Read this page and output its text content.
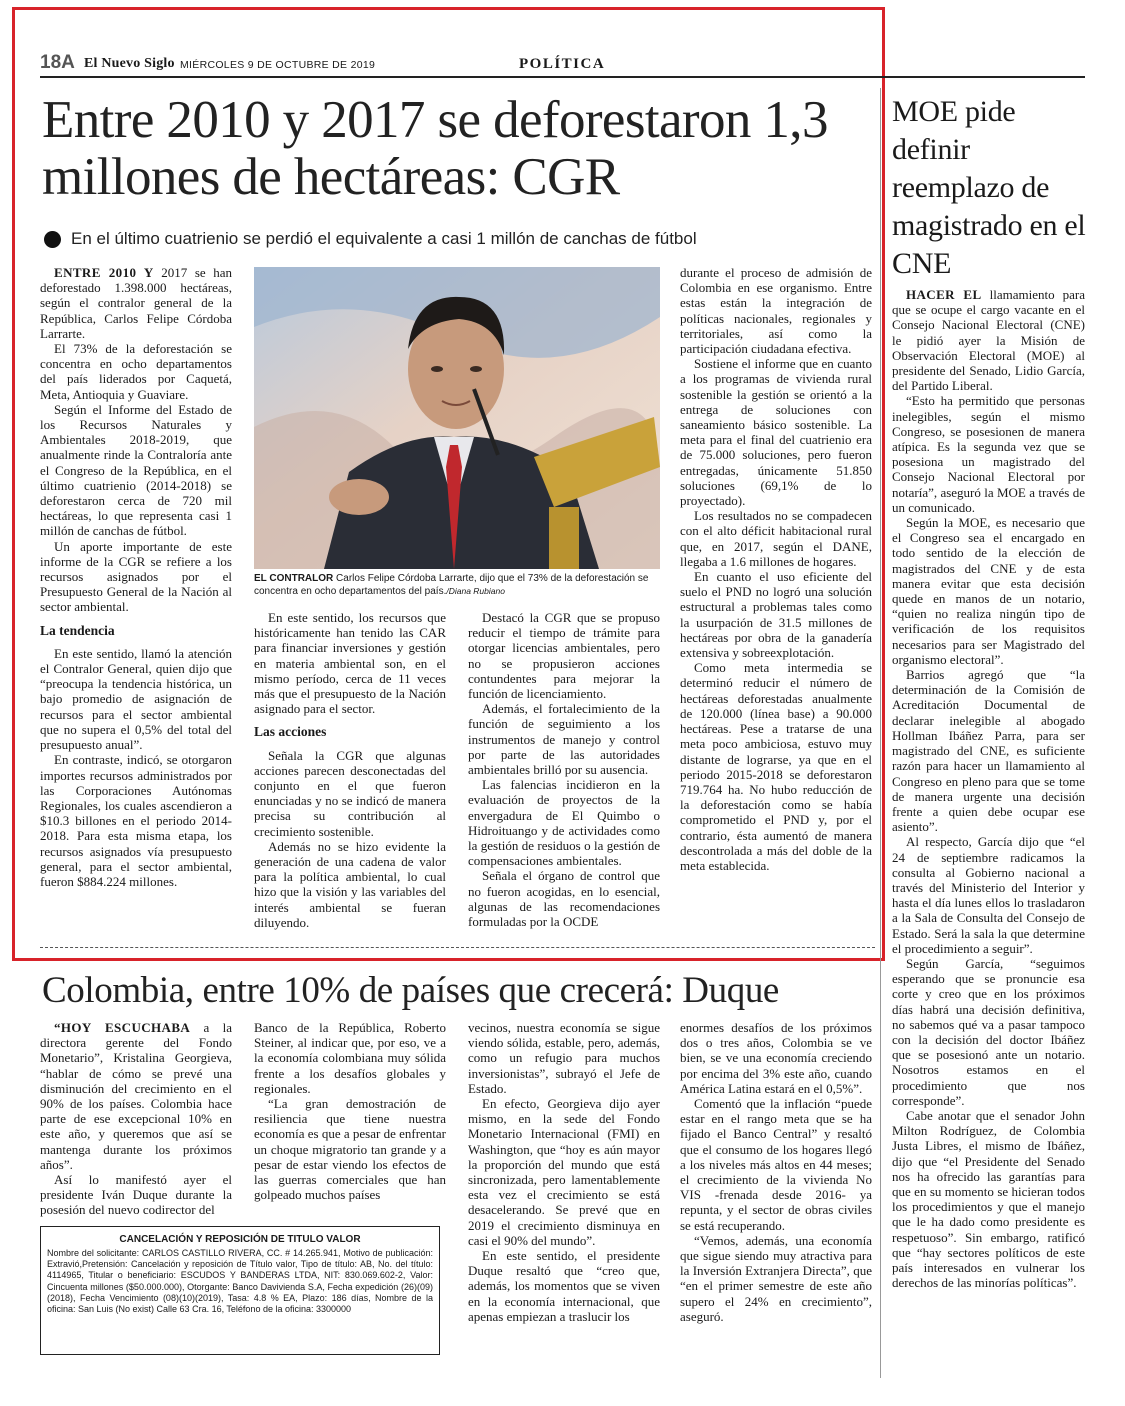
18A El Nuevo Siglo MIÉRCOLES 9 DE OCTUBRE DE 2019	POLÍTICA
Entre 2010 y 2017 se deforestaron 1,3 millones de hectáreas: CGR
En el último cuatrienio se perdió el equivalente a casi 1 millón de canchas de fútbol

ENTRE 2010 Y 2017 se han deforestado 1.398.000 hectáreas, según el contralor general de la República, Carlos Felipe Córdoba Larrarte.

El 73% de la deforestación se concentra en ocho departamentos del país liderados por Caquetá, Meta, Antioquia y Guaviare.

Según el Informe del Estado de los Recursos Naturales y Ambientales 2018-2019, que anualmente rinde la Contraloría ante el Congreso de la República, en el último cuatrienio (2014-2018) se deforestaron cerca de 720 mil hectáreas, lo que representa casi 1 millón de canchas de fútbol.

Un aporte importante de este informe de la CGR se refiere a los recursos asignados por el Presupuesto General de la Nación al sector ambiental.

La tendencia

En este sentido, llamó la atención el Contralor General, quien dijo que “preocupa la tendencia histórica, un bajo promedio de asignación de recursos para el sector ambiental que no supera el 0,5% del total del presupuesto anual”.

En contraste, indicó, se otorgaron importes recursos administrados por las Corporaciones Autónomas Regionales, los cuales ascendieron a $10.3 billones en el periodo 2014-2018. Para esta misma etapa, los recursos asignados vía presupuesto general, para el sector ambiental, fueron $884.224 millones.

EL CONTRALOR Carlos Felipe Córdoba Larrarte, dijo que el 73% de la deforestación se concentra en ocho departamentos del país./Diana Rubiano

En este sentido, los recursos que históricamente han tenido las CAR para financiar inversiones y gestión en materia ambiental son, en el mismo período, cerca de 11 veces más que el presupuesto de la Nación asignado para el sector.

Las acciones

Señala la CGR que algunas acciones parecen desconectadas del conjunto en el que fueron enunciadas y no se indicó de manera precisa su contribución al crecimiento sostenible.

Además no se hizo evidente la generación de una cadena de valor para la política ambiental, lo cual hizo que la visión y las variables del interés ambiental se fueran diluyendo.

Destacó la CGR que se propuso reducir el tiempo de trámite para otorgar licencias ambientales, pero no se propusieron acciones contundentes para mejorar la función de licenciamiento.

Además, el fortalecimiento de la función de seguimiento a los instrumentos de manejo y control por parte de las autoridades ambientales brilló por su ausencia.

Las falencias incidieron en la evaluación de proyectos de la envergadura de El Quimbo o Hidroituango y de actividades como la gestión de residuos o la gestión de compensaciones ambientales.

Señala el órgano de control que no fueron acogidas, en lo esencial, algunas de las recomendaciones formuladas por la OCDE

durante el proceso de admisión de Colombia en ese organismo. Entre estas están la integración de políticas nacionales, regionales y territoriales, así como la participación ciudadana efectiva.

Sostiene el informe que en cuanto a los programas de vivienda rural sostenible la gestión se orientó a la entrega de soluciones con saneamiento básico sostenible. La meta para el final del cuatrienio era de 75.000 soluciones, pero fueron entregadas, únicamente 51.850 soluciones (69,1% de lo proyectado).

Los resultados no se compadecen con el alto déficit habitacional rural que, en 2017, según el DANE, llegaba a 1.6 millones de hogares.

En cuanto el uso eficiente del suelo el PND no logró una solución estructural a problemas tales como la usurpación de 31.5 millones de hectáreas por obra de la ganadería extensiva y sobreexplotación.

Como meta intermedia se determinó reducir el número de hectáreas deforestadas anualmente de 120.000 (línea base) a 90.000 hectáreas. Pese a tratarse de una meta poco ambiciosa, estuvo muy distante de lograrse, ya que en el periodo 2015-2018 se deforestaron 719.764 ha. No hubo reducción de la deforestación como se había comprometido el PND y, por el contrario, ésta aumentó de manera descontrolada a más del doble de la meta establecida.

MOE pide definir reemplazo de magistrado en el CNE

HACER EL llamamiento para que se ocupe el cargo vacante en el Consejo Nacional Electoral (CNE) le pidió ayer la Misión de Observación Electoral (MOE) al presidente del Senado, Lidio García, del Partido Liberal.

“Esto ha permitido que personas inelegibles, según el mismo Congreso, se posesionen de manera atípica. Es la segunda vez que se posesiona un magistrado del Consejo Nacional Electoral por notaría”, aseguró la MOE a través de un comunicado.

Según la MOE, es necesario que el Congreso sea el encargado en todo sentido de la elección de magistrados del CNE y de esta manera evitar que esta decisión quede en manos de un notario, “quien no realiza ningún tipo de verificación de los requisitos necesarios para ser Magistrado del organismo electoral”.

Barrios agregó que “la determinación de la Comisión de Acreditación Documental de declarar inelegible al abogado Hollman Ibáñez Parra, para ser magistrado del CNE, es suficiente razón para hacer un llamamiento al Congreso en pleno para que se tome de manera urgente una decisión frente a quien debe ocupar ese asiento”.

Al respecto, García dijo que “el 24 de septiembre radicamos la consulta al Gobierno nacional a través del Ministerio del Interior y hasta el día lunes ellos lo trasladaron a la Sala de Consulta del Consejo de Estado. Será la sala la que determine el procedimiento a seguir”.

Según García, “seguimos esperando que se pronuncie esa corte y creo que en los próximos días habrá una decisión definitiva, no sabemos qué va a pasar tampoco con la decisión del doctor Ibáñez que se posesionó ante un notario. Nosotros estamos en el procedimiento que nos corresponde”.

Cabe anotar que el senador John Milton Rodríguez, de Colombia Justa Libres, el mismo de Ibáñez, dijo que “el Presidente del Senado nos ha ofrecido las garantías para que en su momento se hicieran todos los procedimientos y que el manejo que le ha dado como presidente es respetuoso”. Sin embargo, ratificó que “hay sectores políticos de este país interesados en vulnerar los derechos de las minorías políticas”.

Colombia, entre 10% de países que crecerá: Duque

“HOY ESCUCHABA a la directora gerente del Fondo Monetario”, Kristalina Georgieva, “hablar de cómo se prevé una disminución del crecimiento en el 90% de los países. Colombia hace parte de ese excepcional 10% en este año, y queremos que así se mantenga durante los próximos años”.

Así lo manifestó ayer el presidente Iván Duque durante la posesión del nuevo codirector del

Banco de la República, Roberto Steiner, al indicar que, por eso, ve a la economía colombiana muy sólida frente a los desafíos globales y regionales.

“La gran demostración de resiliencia que tiene nuestra economía es que a pesar de enfrentar un choque migratorio tan grande y a pesar de estar viendo los efectos de las guerras comerciales que han golpeado muchos países

vecinos, nuestra economía se sigue viendo sólida, estable, pero, además, como un refugio para muchos inversionistas”, subrayó el Jefe de Estado.

En efecto, Georgieva dijo ayer mismo, en la sede del Fondo Monetario Internacional (FMI) en Washington, que “hoy es aún mayor la proporción del mundo que está sincronizada, pero lamentablemente esta vez el crecimiento se está desacelerando. Se prevé que en 2019 el crecimiento disminuya en casi el 90% del mundo”.

En este sentido, el presidente Duque resaltó que “creo que, además, los momentos que se viven en la economía internacional, que apenas empiezan a traslucir los

enormes desafíos de los próximos dos o tres años, Colombia se ve bien, se ve una economía creciendo por encima del 3% este año, cuando América Latina estará en el 0,5%”.

Comentó que la inflación “puede estar en el rango meta que se ha fijado el Banco Central” y resaltó que el consumo de los hogares llegó a los niveles más altos en 44 meses; el crecimiento de la vivienda No VIS -frenada desde 2016- ya repunta, y el sector de obras civiles se está recuperando.

“Vemos, además, una economía que sigue siendo muy atractiva para la Inversión Extranjera Directa”, que “en el primer semestre de este año supero el 24% en crecimiento”, aseguró.

CANCELACIÓN Y REPOSICIÓN DE TITULO VALOR
Nombre del solicitante: CARLOS CASTILLO RIVERA, CC. # 14.265.941, Motivo de publicación: Extravió,Pretensión: Cancelación y reposición de Título valor, Tipo de título: AB, No. del título: 4114965, Titular o beneficiario: ESCUDOS Y BANDERAS LTDA, NIT: 830.069.602-2, Valor: Cincuenta millones ($50.000.000), Otorgante: Banco Davivienda S.A, Fecha expedición (26)(09)(2018), Fecha Vencimiento (08)(10)(2019), Tasa: 4.8 % EA, Plazo: 186 días, Nombre de la oficina: San Luis (No exist) Calle 63 Cra. 16, Teléfono de la oficina: 3300000
